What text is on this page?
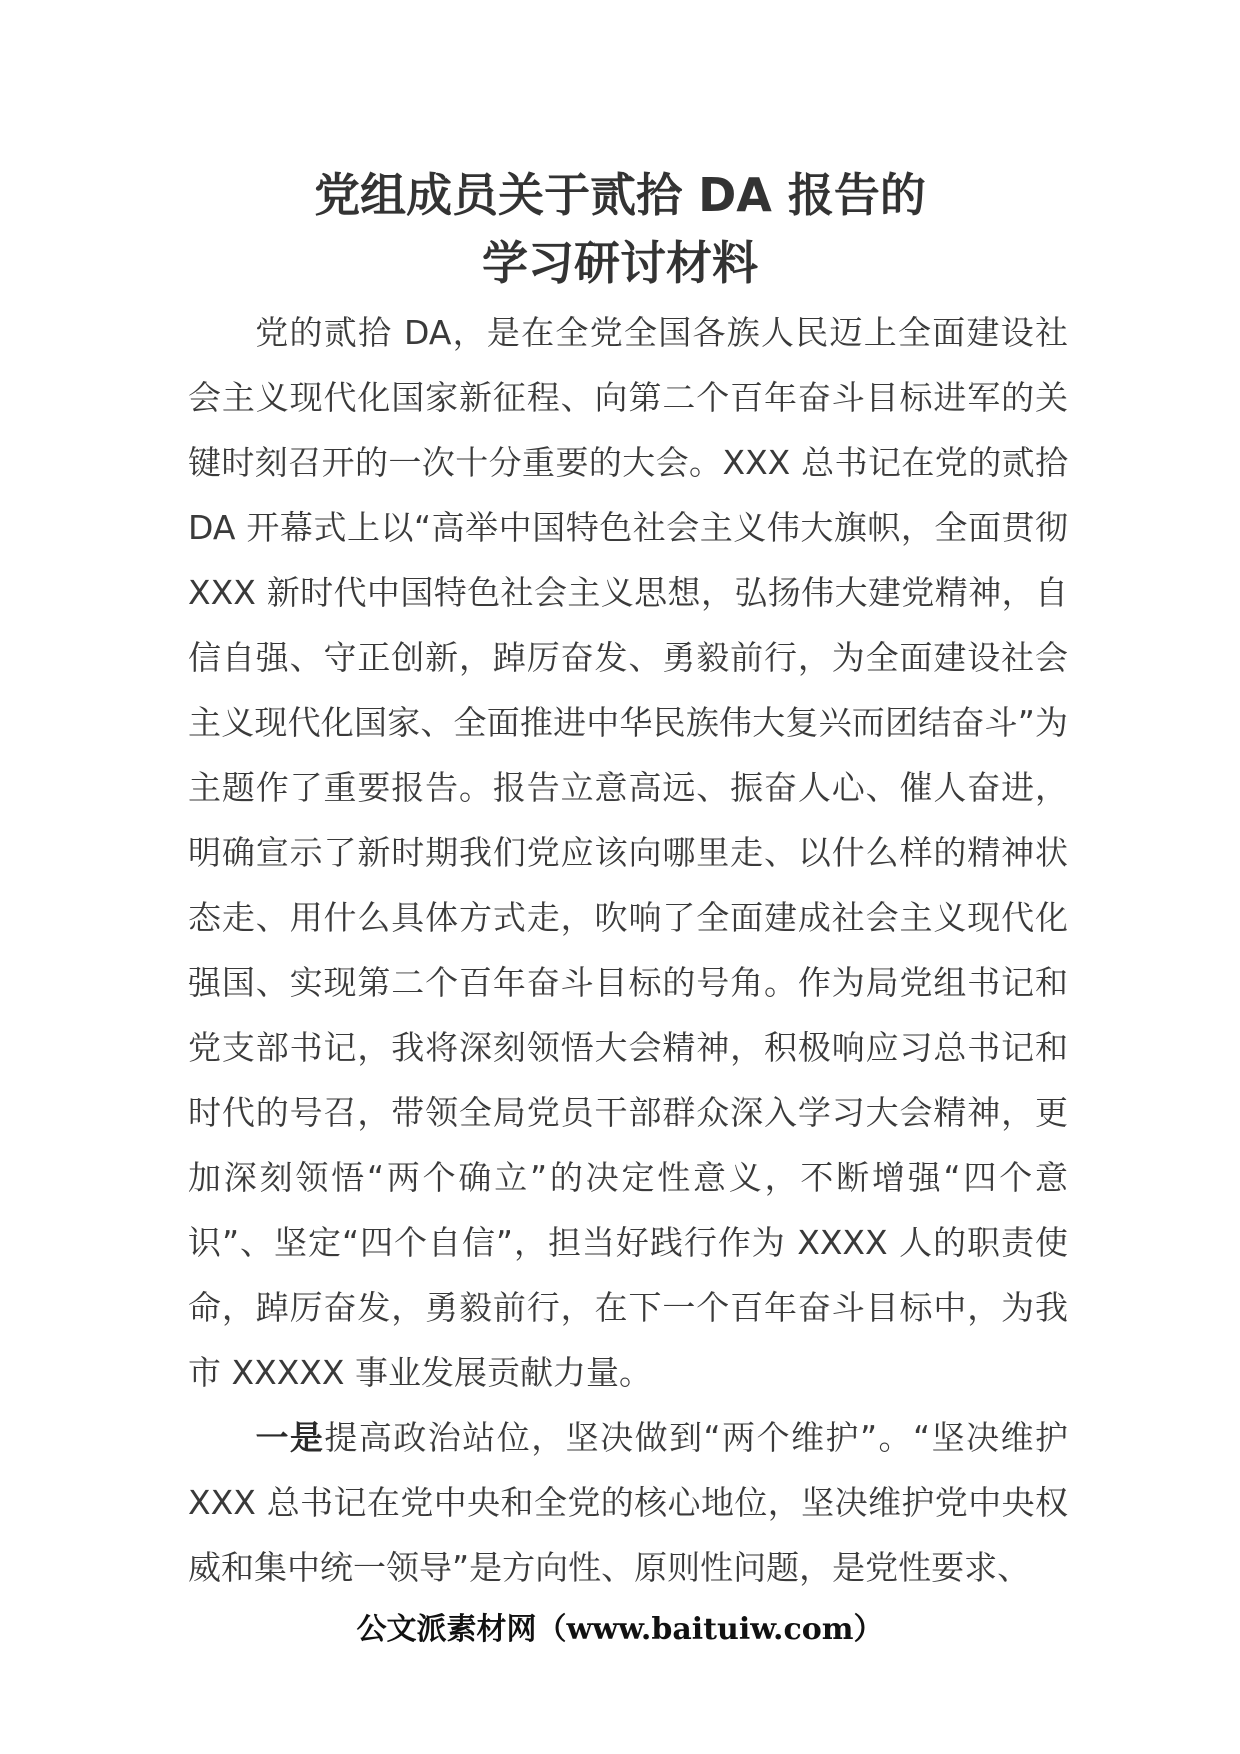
党组成员关于贰拾 DA 报告的
学习研讨材料

党的贰拾 DA，是在全党全国各族人民迈上全面建设社会主义现代化国家新征程、向第二个百年奋斗目标进军的关键时刻召开的一次十分重要的大会。XXX 总书记在党的贰拾 DA 开幕式上以“高举中国特色社会主义伟大旗帜，全面贯彻 XXX 新时代中国特色社会主义思想，弘扬伟大建党精神，自信自强、守正创新，踔厉奋发、勇毅前行，为全面建设社会主义现代化国家、全面推进中华民族伟大复兴而团结奋斗”为主题作了重要报告。报告立意高远、振奋人心、催人奋进，明确宣示了新时期我们党应该向哪里走、以什么样的精神状态走、用什么具体方式走，吹响了全面建成社会主义现代化强国、实现第二个百年奋斗目标的号角。作为局党组书记和党支部书记，我将深刻领悟大会精神，积极响应习总书记和时代的号召，带领全局党员干部群众深入学习大会精神，更加深刻领悟“两个确立”的决定性意义，不断增强“四个意识”、坚定“四个自信”，担当好践行作为 XXXX 人的职责使命，踔厉奋发，勇毅前行，在下一个百年奋斗目标中，为我市 XXXXX 事业发展贡献力量。

一是提高政治站位，坚决做到“两个维护”。“坚决维护 XXX 总书记在党中央和全党的核心地位，坚决维护党中央权威和集中统一领导”是方向性、原则性问题，是党性要求、

公文派素材网（www.baituiw.com）
